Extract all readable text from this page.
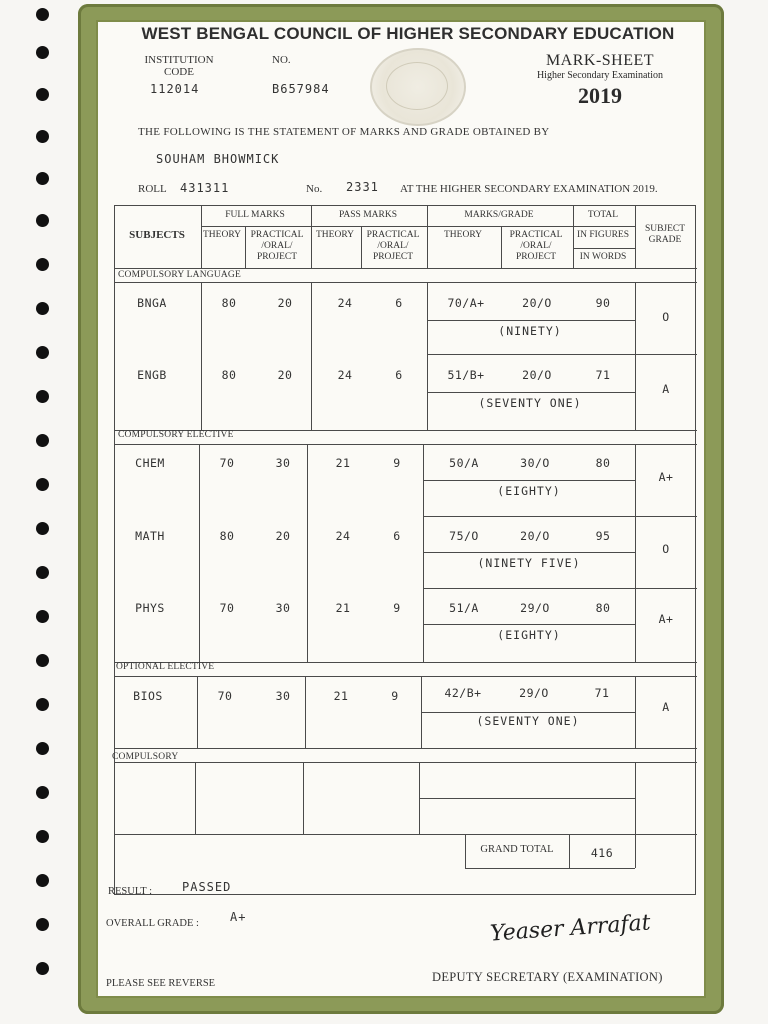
WEST BENGAL COUNCIL OF HIGHER SECONDARY EDUCATION
INSTITUTION CODE
112014
NO.
B657984
MARK-SHEET
Higher Secondary Examination
2019
THE FOLLOWING IS THE STATEMENT OF MARKS AND GRADE OBTAINED BY
SOUHAM BHOWMICK
ROLL 431311	No. 2331 AT THE HIGHER SECONDARY EXAMINATION 2019.
SUBJECTS
FULL MARKS	PASS MARKS	MARKS/GRADE	TOTAL
SUBJECT GRADE
THEORY	PRACTICAL /ORAL/ PROJECT
THEORY	PRACTICAL /ORAL/ PROJECT
THEORY	PRACTICAL /ORAL/ PROJECT
IN FIGURES
IN WORDS
COMPULSORY LANGUAGE
COMPULSORY ELECTIVE
OPTIONAL ELECTIVE
COMPULSORY
BNGA	80	20	24	6	70/A+	20/O	90
(NINETY)
O
ENGB	80	20	24	6	51/B+	20/O	71
(SEVENTY ONE)
A
CHEM	70	30	21	9	50/A	30/O	80
(EIGHTY)
A+
MATH	80	20	24	6	75/O	20/O	95
(NINETY FIVE)
O
PHYS	70	30	21	9	51/A	29/O	80
(EIGHTY)
A+
BIOS	70	30	21	9	42/B+	29/O	71
(SEVENTY ONE)
A
GRAND TOTAL	416
RESULT : PASSED
OVERALL GRADE :	A+	Yeaser Arrafat
PLEASE SEE REVERSE	DEPUTY SECRETARY (EXAMINATION)
